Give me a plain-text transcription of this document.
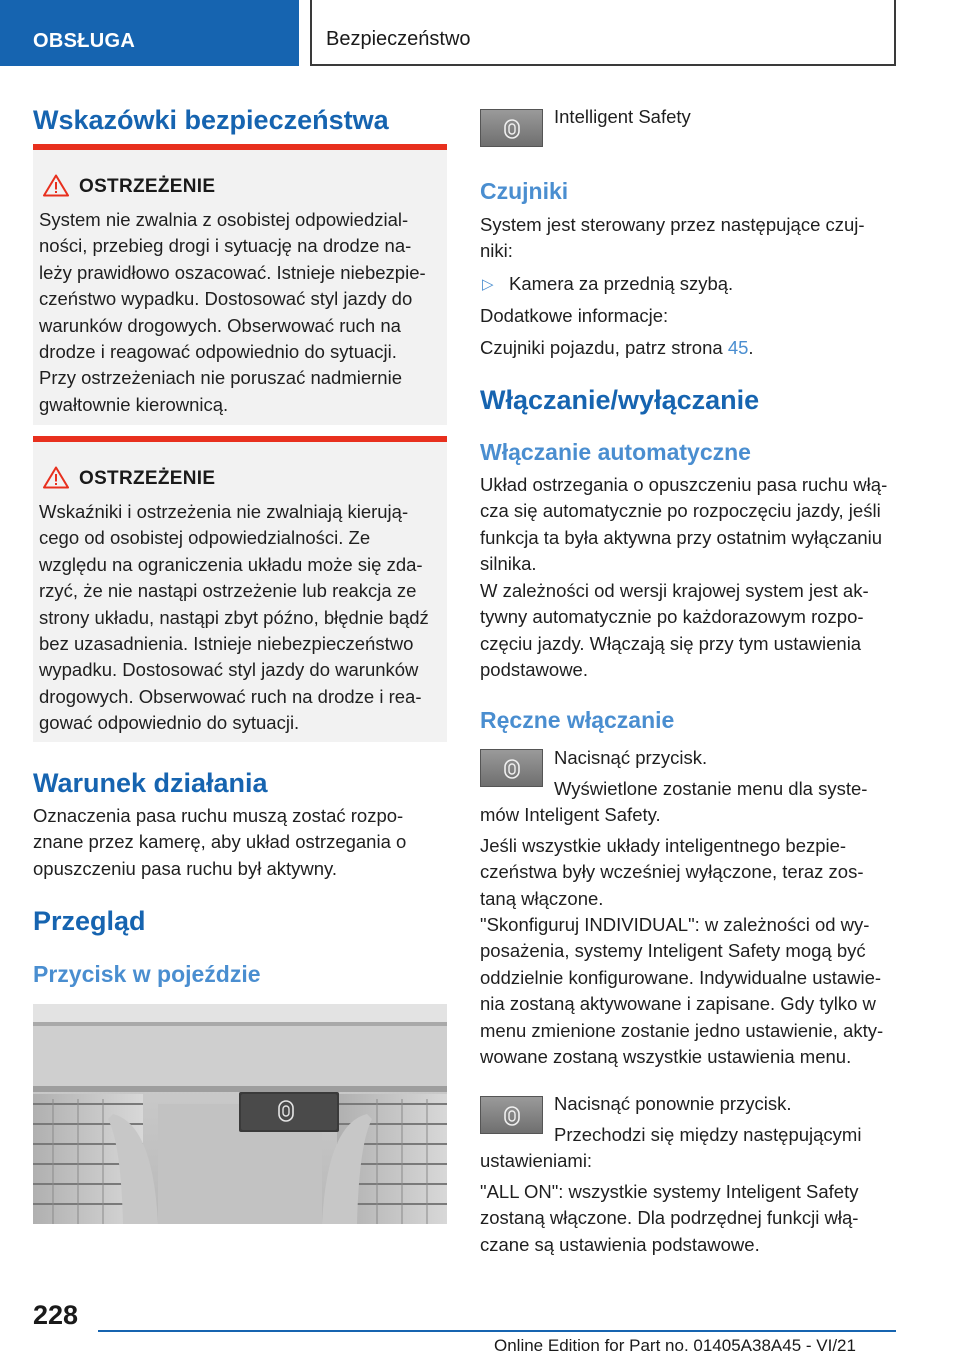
OBSŁUGA	Bezpieczeństwo
Wskazówki bezpieczeństwa
OSTRZEŻENIE
System nie zwalnia z osobistej odpowiedzial-
ności, przebieg drogi i sytuację na drodze na-
leży prawidłowo oszacować. Istnieje niebezpie-
czeństwo wypadku. Dostosować styl jazdy do
warunków drogowych. Obserwować ruch na
drodze i reagować odpowiednio do sytuacji.
Przy ostrzeżeniach nie poruszać nadmiernie
gwałtownie kierownicą.
OSTRZEŻENIE
Wskaźniki i ostrzeżenia nie zwalniają kierują-
cego od osobistej odpowiedzialności. Ze
względu na ograniczenia układu może się zda-
rzyć, że nie nastąpi ostrzeżenie lub reakcja ze
strony układu, nastąpi zbyt późno, błędnie bądź
bez uzasadnienia. Istnieje niebezpieczeństwo
wypadku. Dostosować styl jazdy do warunków
drogowych. Obserwować ruch na drodze i rea-
gować odpowiednio do sytuacji.
Warunek działania
Oznaczenia pasa ruchu muszą zostać rozpo-
znane przez kamerę, aby układ ostrzegania o
opuszczeniu pasa ruchu był aktywny.
Przegląd
Przycisk w pojeździe
Intelligent Safety
Czujniki
System jest sterowany przez następujące czuj-
niki:
▷ Kamera za przednią szybą.
Dodatkowe informacje:
Czujniki pojazdu, patrz strona 45.
Włączanie/wyłączanie
Włączanie automatyczne
Układ ostrzegania o opuszczeniu pasa ruchu włą-
cza się automatycznie po rozpoczęciu jazdy, jeśli
funkcja ta była aktywna przy ostatnim wyłączaniu
silnika.
W zależności od wersji krajowej system jest ak-
tywny automatycznie po każdorazowym rozpo-
częciu jazdy. Włączają się przy tym ustawienia
podstawowe.
Ręczne włączanie
Nacisnąć przycisk.
Wyświetlone zostanie menu dla syste-
mów Inteligent Safety.
Jeśli wszystkie układy inteligentnego bezpie-
czeństwa były wcześniej wyłączone, teraz zos-
taną włączone.
"Skonfiguruj INDIVIDUAL": w zależności od wy-
posażenia, systemy Inteligent Safety mogą być
oddzielnie konfigurowane. Indywidualne ustawie-
nia zostaną aktywowane i zapisane. Gdy tylko w
menu zmienione zostanie jedno ustawienie, akty-
wowane zostaną wszystkie ustawienia menu.
Nacisnąć ponownie przycisk.
Przechodzi się między następującymi
ustawieniami:
"ALL ON": wszystkie systemy Inteligent Safety
zostaną włączone. Dla podrzędnej funkcji włą-
czane są ustawienia podstawowe.
228
Online Edition for Part no. 01405A38A45 - VI/21
